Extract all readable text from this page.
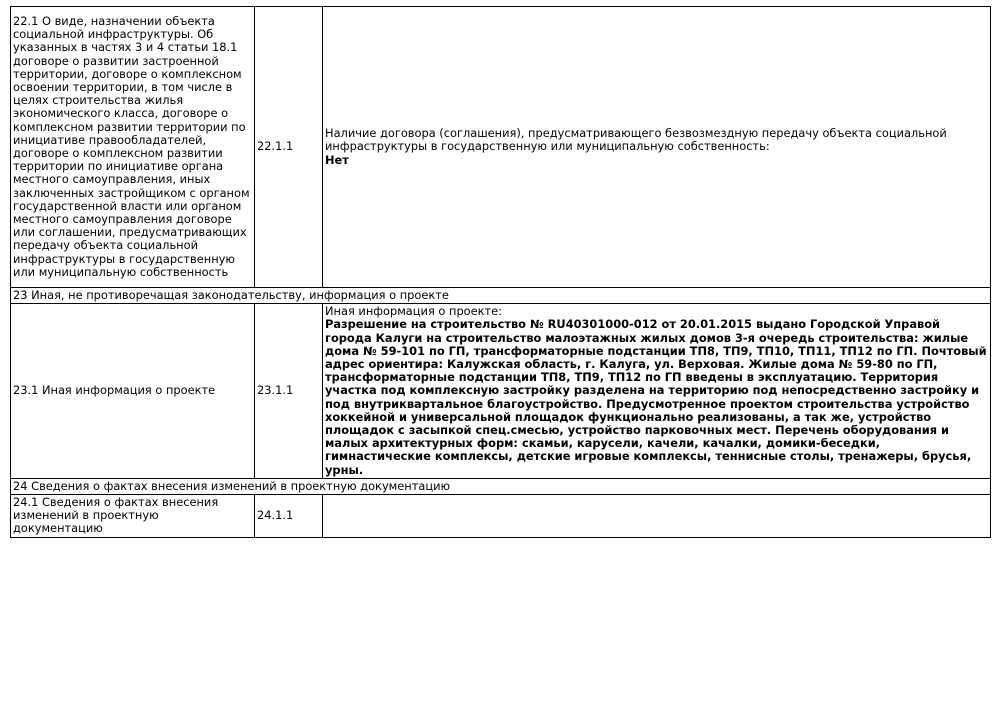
22.1 О виде, назначении объекта социальной инфраструктуры. Об указанных в частях 3 и 4 статьи 18.1 договоре о развитии застроенной территории, договоре о комплексном освоении территории, в том числе в целях строительства жилья экономического класса, договоре о комплексном развитии территории по инициативе правообладателей, договоре о комплексном развитии территории по инициативе органа местного самоуправления, иных заключенных застройщиком с органом государственной власти или органом местного самоуправления договоре или соглашении, предусматривающих передачу объекта социальной инфраструктуры в государственную или муниципальную собственность	22.1.1	Наличие договора (соглашения), предусматривающего безвозмездную передачу объекта социальной инфраструктуры в государственную или муниципальную собственность:
Нет

23 Иная, не противоречащая законодательству, информация о проекте		
23.1 Иная информация о проекте	23.1.1	Иная информация о проекте:
Разрешение на строительство № RU40301000-012 от 20.01.2015 выдано Городской Управой города Калуги на строительство малоэтажных жилых домов 3-я очередь строительства: жилые дома № 59-101 по ГП, трансформаторные подстанции ТП8, ТП9, ТП10, ТП11, ТП12 по ГП. Почтовый адрес ориентира: Калужская область, г. Калуга, ул. Верховая. Жилые дома № 59-80 по ГП, трансформаторные подстанции ТП8, ТП9, ТП12 по ГП введены в эксплуатацию. Территория участка под комплексную застройку разделена на территорию под непосредственно застройку и под внутриквартальное благоустройство. Предусмотренное проектом строительства устройство хоккейной и универсальной площадок функционально реализованы, а так же, устройство площадок с засыпкой спец.смесью, устройство парковочных мест. Перечень оборудования и малых архитектурных форм: скамьи, карусели, качели, качалки, домики-беседки, гимнастические комплексы, детские игровые комплексы, теннисные столы, тренажеры, брусья, урны.

24 Сведения о фактах внесения изменений в проектную документацию		
24.1 Сведения о фактах внесения изменений в проектную документацию	24.1.1	
